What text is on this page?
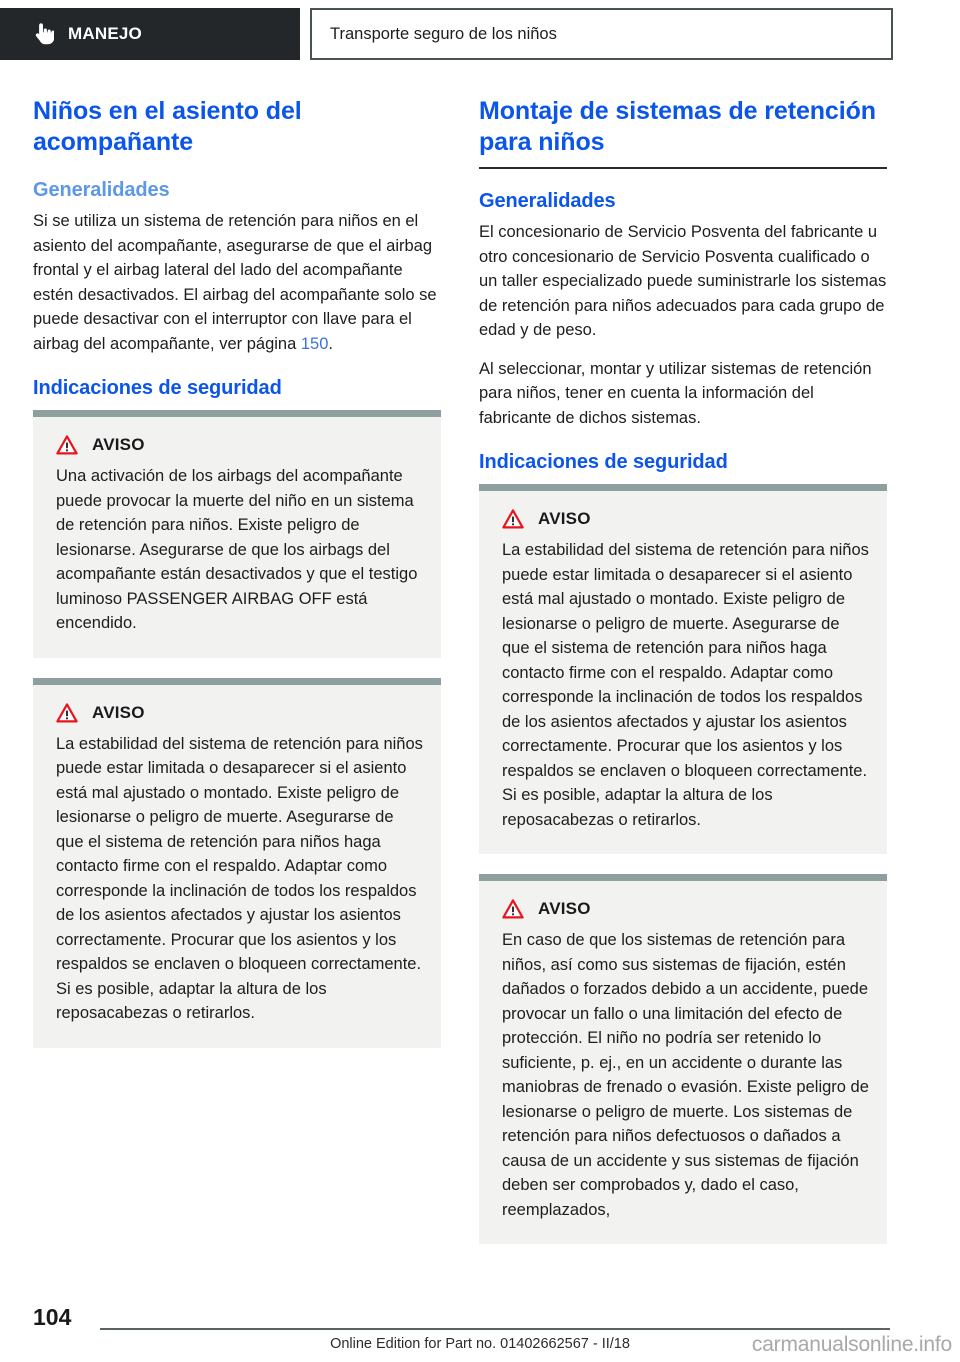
MANEJO	Transporte seguro de los niños
Niños en el asiento del acompañante
Generalidades

Si se utiliza un sistema de retención para niños en el asiento del acompañante, asegurarse de que el airbag frontal y el airbag lateral del lado del acompañante estén desactivados. El airbag del acompañante solo se puede desactivar con el interruptor con llave para el airbag del acompañante, ver página 150.

Indicaciones de seguridad
AVISO

Una activación de los airbags del acompañante puede provocar la muerte del niño en un sistema de retención para niños. Existe peligro de lesionarse. Asegurarse de que los airbags del acompañante están desactivados y que el testigo luminoso PASSENGER AIRBAG OFF está encendido.

AVISO

La estabilidad del sistema de retención para niños puede estar limitada o desaparecer si el asiento está mal ajustado o montado. Existe peligro de lesionarse o peligro de muerte. Asegurarse de que el sistema de retención para niños haga contacto firme con el respaldo. Adaptar como corresponde la inclinación de todos los respaldos de los asientos afectados y ajustar los asientos correctamente. Procurar que los asientos y los respaldos se enclaven o bloqueen correctamente. Si es posible, adaptar la altura de los reposacabezas o retirarlos.

Montaje de sistemas de retención para niños
Generalidades

El concesionario de Servicio Posventa del fabricante u otro concesionario de Servicio Posventa cualificado o un taller especializado puede suministrarle los sistemas de retención para niños adecuados para cada grupo de edad y de peso.

Al seleccionar, montar y utilizar sistemas de retención para niños, tener en cuenta la información del fabricante de dichos sistemas.

Indicaciones de seguridad
AVISO

La estabilidad del sistema de retención para niños puede estar limitada o desaparecer si el asiento está mal ajustado o montado. Existe peligro de lesionarse o peligro de muerte. Asegurarse de que el sistema de retención para niños haga contacto firme con el respaldo. Adaptar como corresponde la inclinación de todos los respaldos de los asientos afectados y ajustar los asientos correctamente. Procurar que los asientos y los respaldos se enclaven o bloqueen correctamente. Si es posible, adaptar la altura de los reposacabezas o retirarlos.

AVISO

En caso de que los sistemas de retención para niños, así como sus sistemas de fijación, estén dañados o forzados debido a un accidente, puede provocar un fallo o una limitación del efecto de protección. El niño no podría ser retenido lo suficiente, p. ej., en un accidente o durante las maniobras de frenado o evasión. Existe peligro de lesionarse o peligro de muerte. Los sistemas de retención para niños defectuosos o dañados a causa de un accidente y sus sistemas de fijación deben ser comprobados y, dado el caso, reemplazados,

104
Online Edition for Part no. 01402662567 - II/18	carmanualsonline.info
